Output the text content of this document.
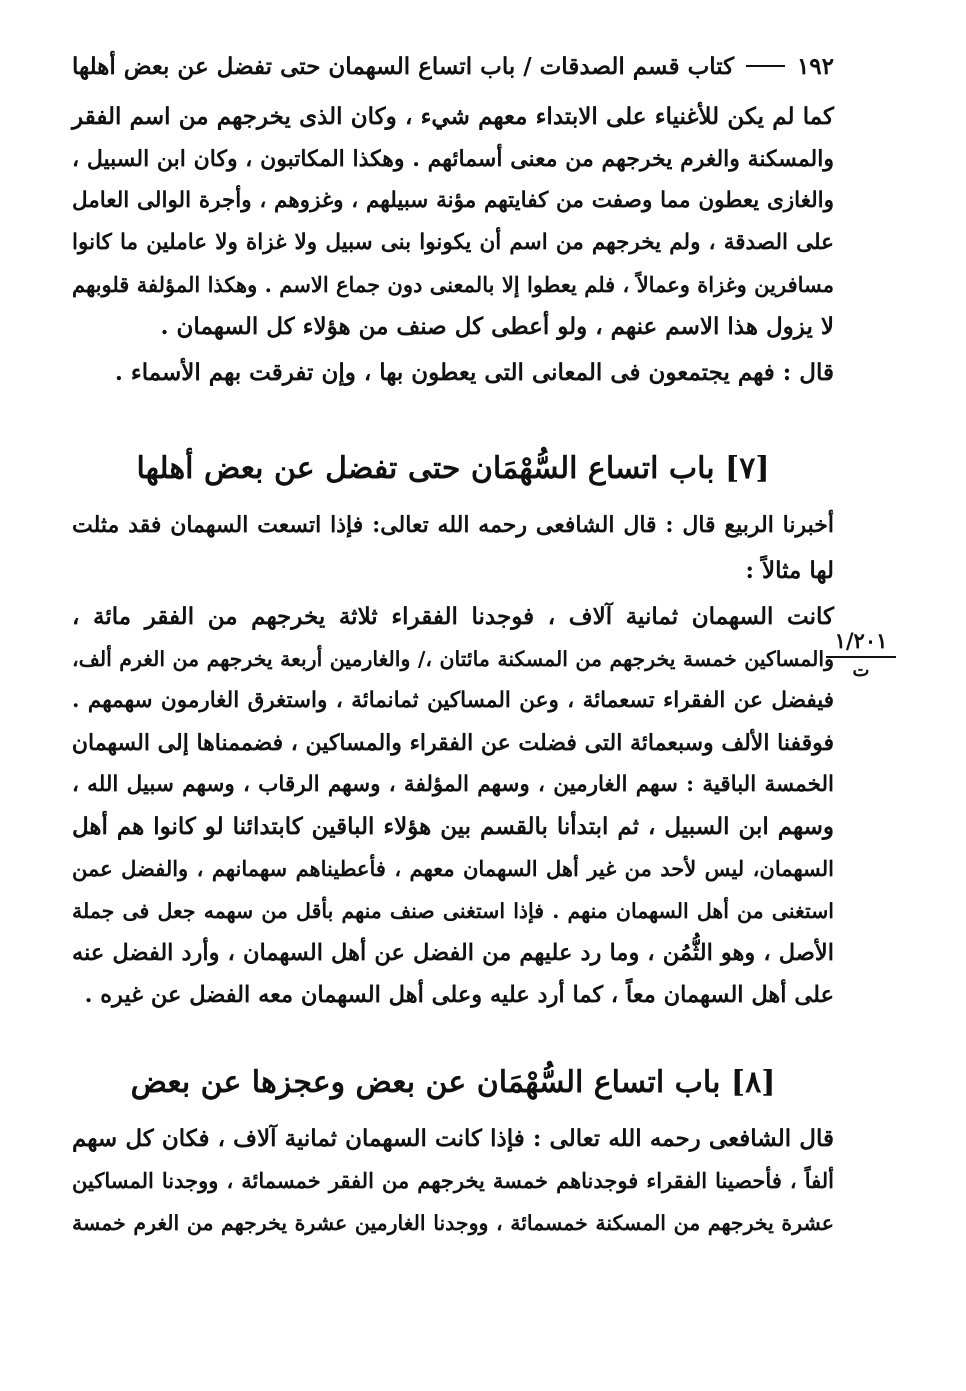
١٩٢
كتاب قسم الصدقات / باب اتساع السهمان حتى تفضل عن بعض أهلها
كما لم يكن للأغنياء على الابتداء معهم شيء ، وكان الذى يخرجهم من اسم الفقر
والمسكنة والغرم يخرجهم من معنى أسمائهم . وهكذا المكاتبون ، وكان ابن السبيل ،
والغازى يعطون مما وصفت من كفايتهم مؤنة سبيلهم ، وغزوهم ، وأجرة الوالى العامل
على الصدقة ، ولم يخرجهم من اسم أن يكونوا بنى سبيل ولا غزاة ولا عاملين ما كانوا
مسافرين وغزاة وعمالاً ، فلم يعطوا إلا بالمعنى دون جماع الاسم . وهكذا المؤلفة قلوبهم
لا يزول هذا الاسم عنهم ، ولو أعطى كل صنف من هؤلاء كل السهمان .
قال : فهم يجتمعون فى المعانى التى يعطون بها ، وإن تفرقت بهم الأسماء .
[٧] باب اتساع السُّهْمَان حتى تفضل عن بعض أهلها
أخبرنا الربيع قال : قال الشافعى رحمه الله تعالى: فإذا اتسعت السهمان فقد مثلت
لها مثالاً :
كانت السهمان ثمانية آلاف ، فوجدنا الفقراء ثلاثة يخرجهم من الفقر مائة ،
والمساكين خمسة يخرجهم من المسكنة مائتان ،/ والغارمين أربعة يخرجهم من الغرم ألف،
فيفضل عن الفقراء تسعمائة ، وعن المساكين ثمانمائة ، واستغرق الغارمون سهمهم .
فوقفنا الألف وسبعمائة التى فضلت عن الفقراء والمساكين ، فضممناها إلى السهمان
الخمسة الباقية : سهم الغارمين ، وسهم المؤلفة ، وسهم الرقاب ، وسهم سبيل الله ،
وسهم ابن السبيل ، ثم ابتدأنا بالقسم بين هؤلاء الباقين كابتدائنا لو كانوا هم أهل
السهمان، ليس لأحد من غير أهل السهمان معهم ، فأعطيناهم سهمانهم ، والفضل عمن
استغنى من أهل السهمان منهم . فإذا استغنى صنف منهم بأقل من سهمه جعل فى جملة
الأصل ، وهو الثُّمُن ، وما رد عليهم من الفضل عن أهل السهمان ، وأرد الفضل عنه
على أهل السهمان معاً ، كما أرد عليه وعلى أهل السهمان معه الفضل عن غيره .
[٨] باب اتساع السُّهْمَان عن بعض وعجزها عن بعض
قال الشافعى رحمه الله تعالى : فإذا كانت السهمان ثمانية آلاف ، فكان كل سهم
ألفاً ، فأحصينا الفقراء فوجدناهم خمسة يخرجهم من الفقر خمسمائة ، ووجدنا المساكين
عشرة يخرجهم من المسكنة خمسمائة ، ووجدنا الغارمين عشرة يخرجهم من الغرم خمسة
١/٢٠١
ت
